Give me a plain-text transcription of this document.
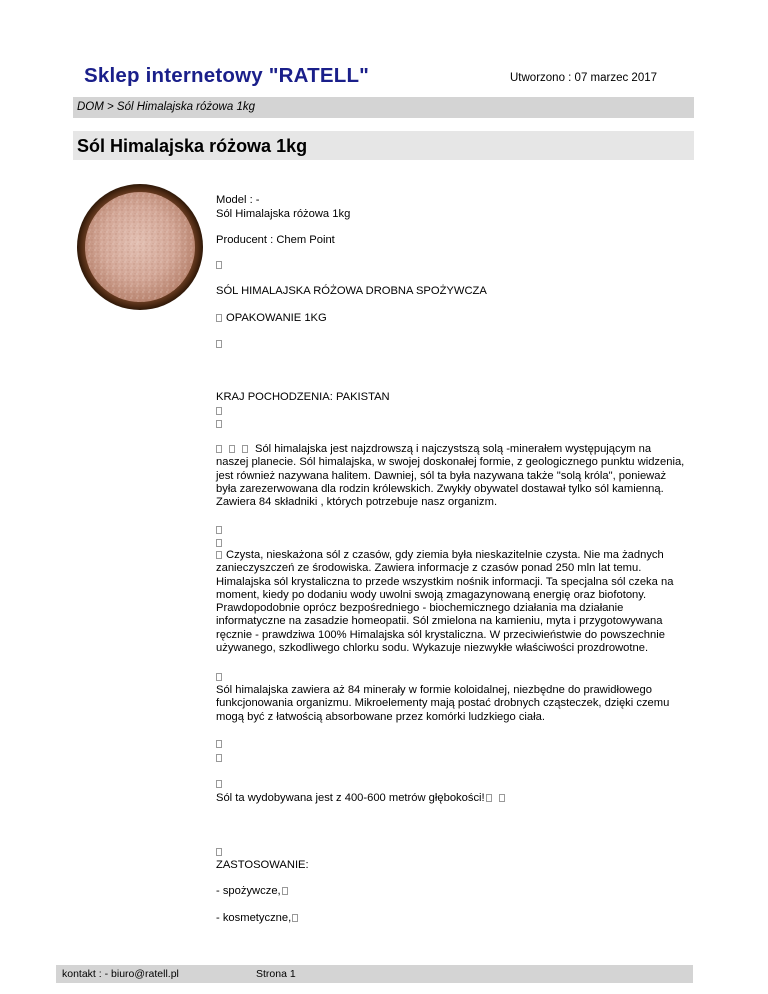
Sklep internetowy "RATELL"	Utworzono : 07 marzec 2017
DOM > Sól Himalajska różowa 1kg
Sól Himalajska różowa 1kg
Model : -
Sól Himalajska różowa 1kg
Producent : Chem Point
SÓL HIMALAJSKA RÓŻOWA DROBNA SPOŻYWCZA
OPAKOWANIE 1KG
KRAJ POCHODZENIA: PAKISTAN
Sól himalajska jest najzdrowszą i najczystszą solą -minerałem występującym na naszej planecie. Sól himalajska, w swojej doskonałej formie, z geologicznego punktu widzenia, jest również nazywana halitem. Dawniej, sól ta była nazywana także "solą króla", ponieważ była zarezerwowana dla rodzin królewskich. Zwykły obywatel dostawał tylko sól kamienną. Zawiera 84 składniki , których potrzebuje nasz organizm.
Czysta, nieskażona sól z czasów, gdy ziemia była nieskazitelnie czysta. Nie ma żadnych zanieczyszczeń ze środowiska. Zawiera informacje z czasów ponad 250 mln lat temu. Himalajska sól krystaliczna to przede wszystkim nośnik informacji. Ta specjalna sól czeka na moment, kiedy po dodaniu wody uwolni swoją zmagazynowaną energię oraz biofotony. Prawdopodobnie oprócz bezpośredniego - biochemicznego działania ma działanie informatyczne na zasadzie homeopatii. Sól zmielona na kamieniu, myta i przygotowywana ręcznie - prawdziwa 100% Himalajska sól krystaliczna. W przeciwieństwie do powszechnie używanego, szkodliwego chlorku sodu. Wykazuje niezwykłe właściwości prozdrowotne.
Sól himalajska zawiera aż 84 minerały w formie koloidalnej, niezbędne do prawidłowego funkcjonowania organizmu. Mikroelementy mają postać drobnych cząsteczek, dzięki czemu mogą być z łatwością absorbowane przez komórki ludzkiego ciała.
Sól ta wydobywana jest z 400-600 metrów głębokości!
ZASTOSOWANIE:
- spożywcze,
- kosmetyczne,
kontakt : - biuro@ratell.pl	Strona 1
